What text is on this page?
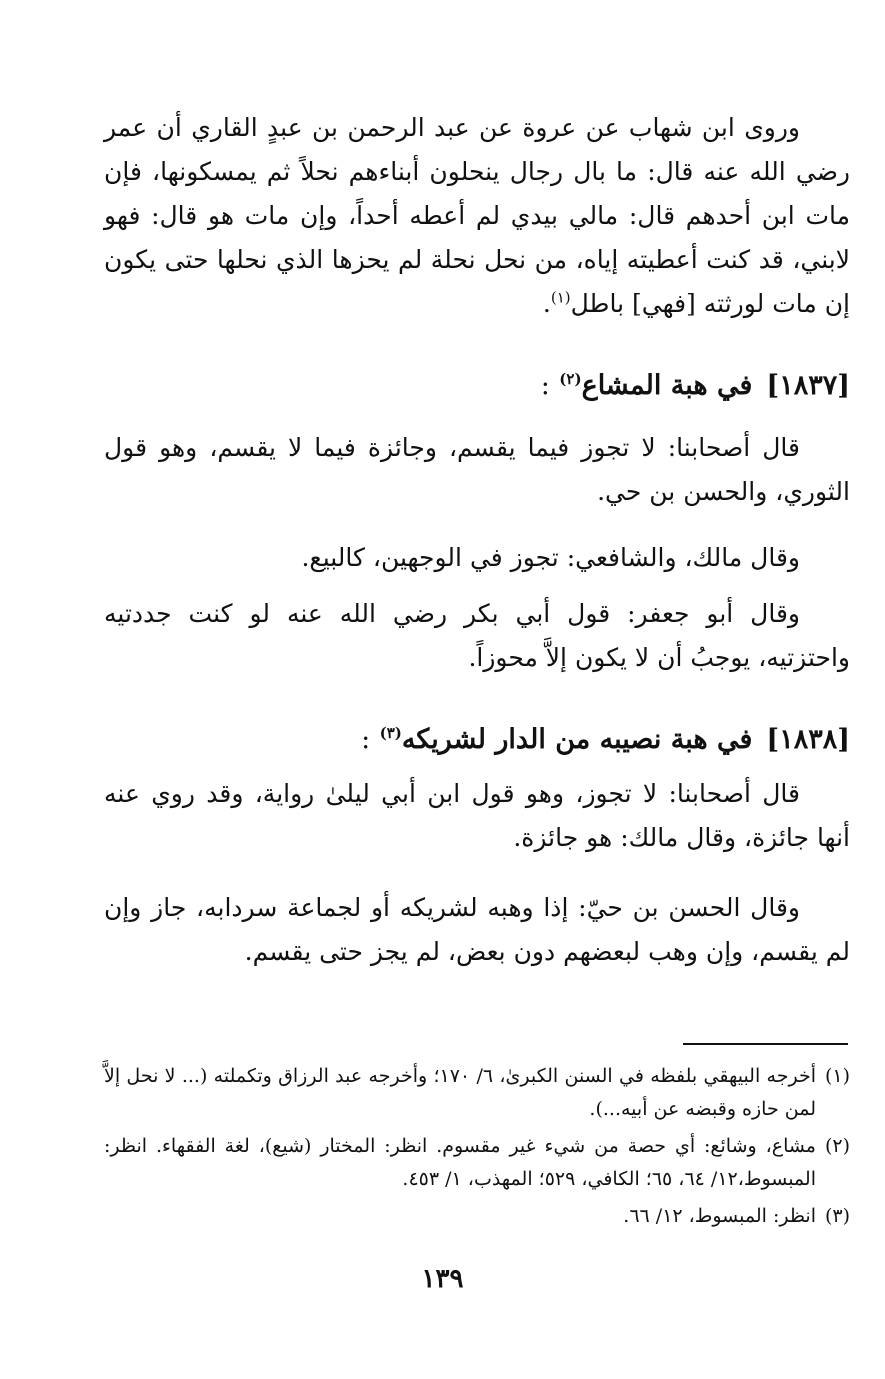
وروى ابن شهاب عن عروة عن عبد الرحمن بن عبدٍ القاري أن عمر رضي الله عنه قال: ما بال رجال ينحلون أبناءهم نحلاً ثم يمسكونها، فإن مات ابن أحدهم قال: مالي بيدي لم أعطه أحداً، وإن مات هو قال: فهو لابني، قد كنت أعطيته إياه، من نحل نحلة لم يحزها الذي نحلها حتى يكون إن مات لورثته [فهي] باطل$^{(١)}$.
[١٨٣٧]في هبة المشاع$^{(٢)}$ :
قال أصحابنا: لا تجوز فيما يقسم، وجائزة فيما لا يقسم، وهو قول الثوري، والحسن بن حي.
وقال مالك، والشافعي: تجوز في الوجهين، كالبيع.
وقال أبو جعفر: قول أبي بكر رضي الله عنه لو كنت جددتيه واحتزتيه، يوجبُ أن لا يكون إلاَّ محوزاً.
[١٨٣٨]في هبة نصيبه من الدار لشريكه$^{(٣)}$ :
قال أصحابنا: لا تجوز، وهو قول ابن أبي ليلىٰ رواية، وقد روي عنه أنها جائزة، وقال مالك: هو جائزة.
وقال الحسن بن حيّ: إذا وهبه لشريكه أو لجماعة سردابه، جاز وإن لم يقسم، وإن وهب لبعضهم دون بعض، لم يجز حتى يقسم.
(١)
أخرجه البيهقي بلفظه في السنن الكبرىٰ، ٦/ ١٧٠؛ وأخرجه عبد الرزاق وتكملته (... لا نحل إلاَّ لمن حازه وقبضه عن أبيه...).
(٢)
مشاع، وشائع: أي حصة من شيء غير مقسوم. انظر: المختار (شيع)، لغة الفقهاء. انظر: المبسوط،١٢/ ٦٤، ٦٥؛ الكافي، ٥٢٩؛ المهذب، ١/ ٤٥٣.
(٣)
انظر: المبسوط، ١٢/ ٦٦.
١٣٩
